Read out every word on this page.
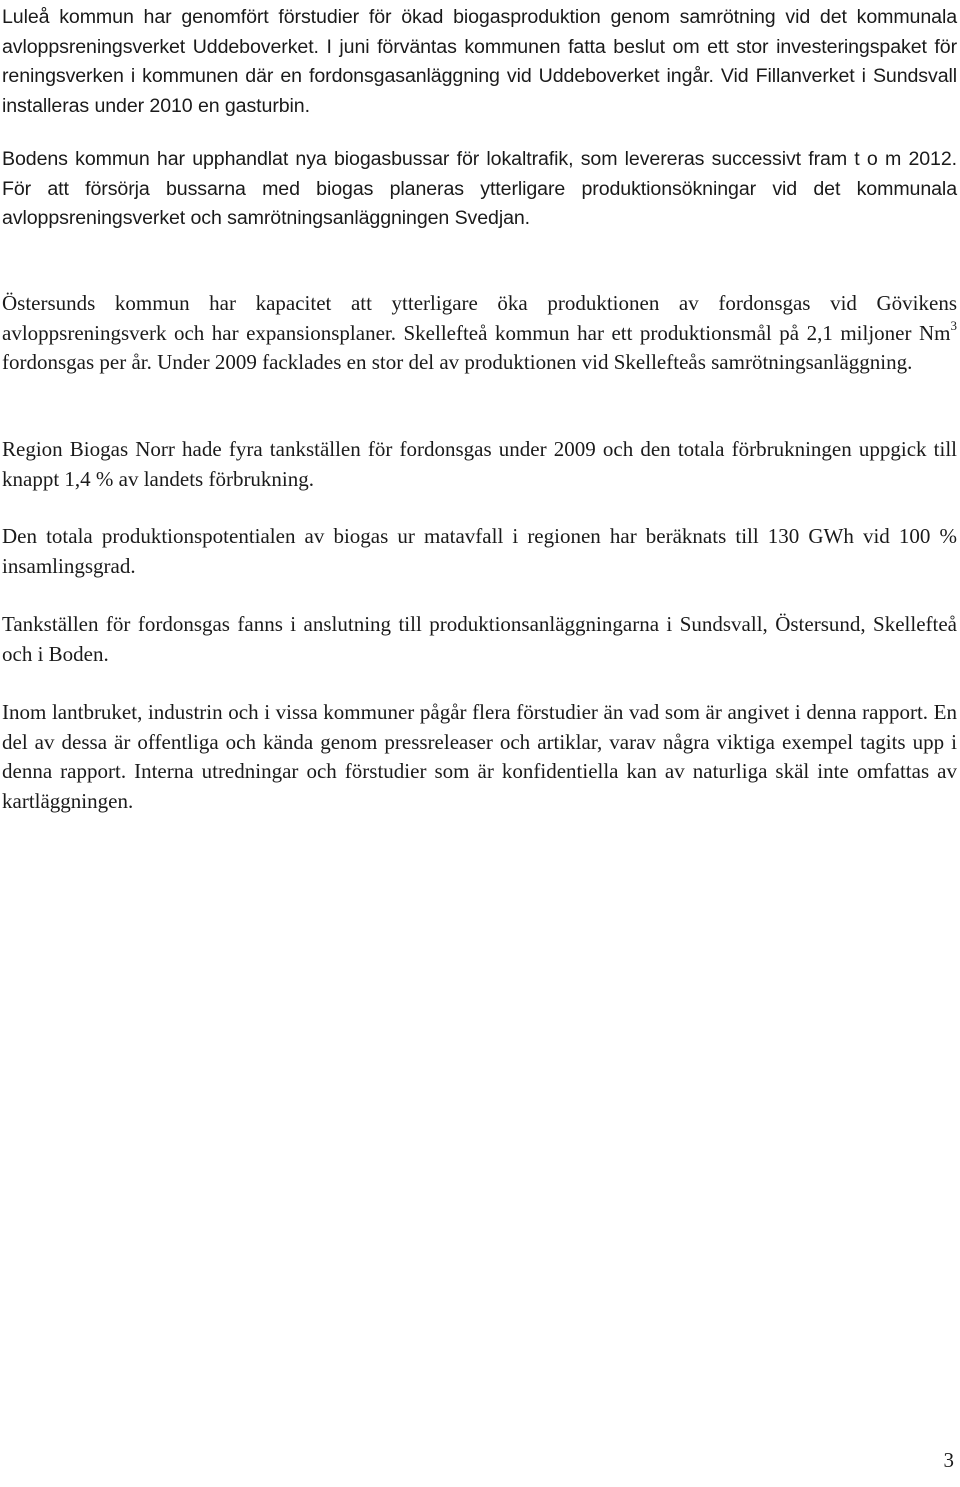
Luleå kommun har genomfört förstudier för ökad biogasproduktion genom samrötning vid det kommunala avloppsreningsverket Uddeboverket. I juni förväntas kommunen fatta beslut om ett stor investeringspaket för reningsverken i kommunen där en fordonsgasanläggning vid Uddeboverket ingår. Vid Fillanverket i Sundsvall installeras under 2010 en gasturbin.

Bodens kommun har upphandlat nya biogasbussar för lokaltrafik, som levereras successivt fram t o m 2012. För att försörja bussarna med biogas planeras ytterligare produktionsökningar vid det kommunala avloppsreningsverket och samrötningsanläggningen Svedjan.

Östersunds kommun har kapacitet att ytterligare öka produktionen av fordonsgas vid Gövikens avloppsreningsverk och har expansionsplaner. Skellefteå kommun har ett produktionsmål på 2,1 miljoner Nm$^3$ fordonsgas per år. Under 2009 facklades en stor del av produktionen vid Skellefteås samrötningsanläggning.

Region Biogas Norr hade fyra tankställen för fordonsgas under 2009 och den totala förbrukningen uppgick till knappt 1,4 % av landets förbrukning.

Den totala produktionspotentialen av biogas ur matavfall i regionen har beräknats till 130 GWh vid 100 % insamlingsgrad.

Tankställen för fordonsgas fanns i anslutning till produktionsanläggningarna i Sundsvall, Östersund, Skellefteå och i Boden.

Inom lantbruket, industrin och i vissa kommuner pågår flera förstudier än vad som är angivet i denna rapport. En del av dessa är offentliga och kända genom pressreleaser och artiklar, varav några viktiga exempel tagits upp i denna rapport. Interna utredningar och förstudier som är konfidentiella kan av naturliga skäl inte omfattas av kartläggningen.

3
